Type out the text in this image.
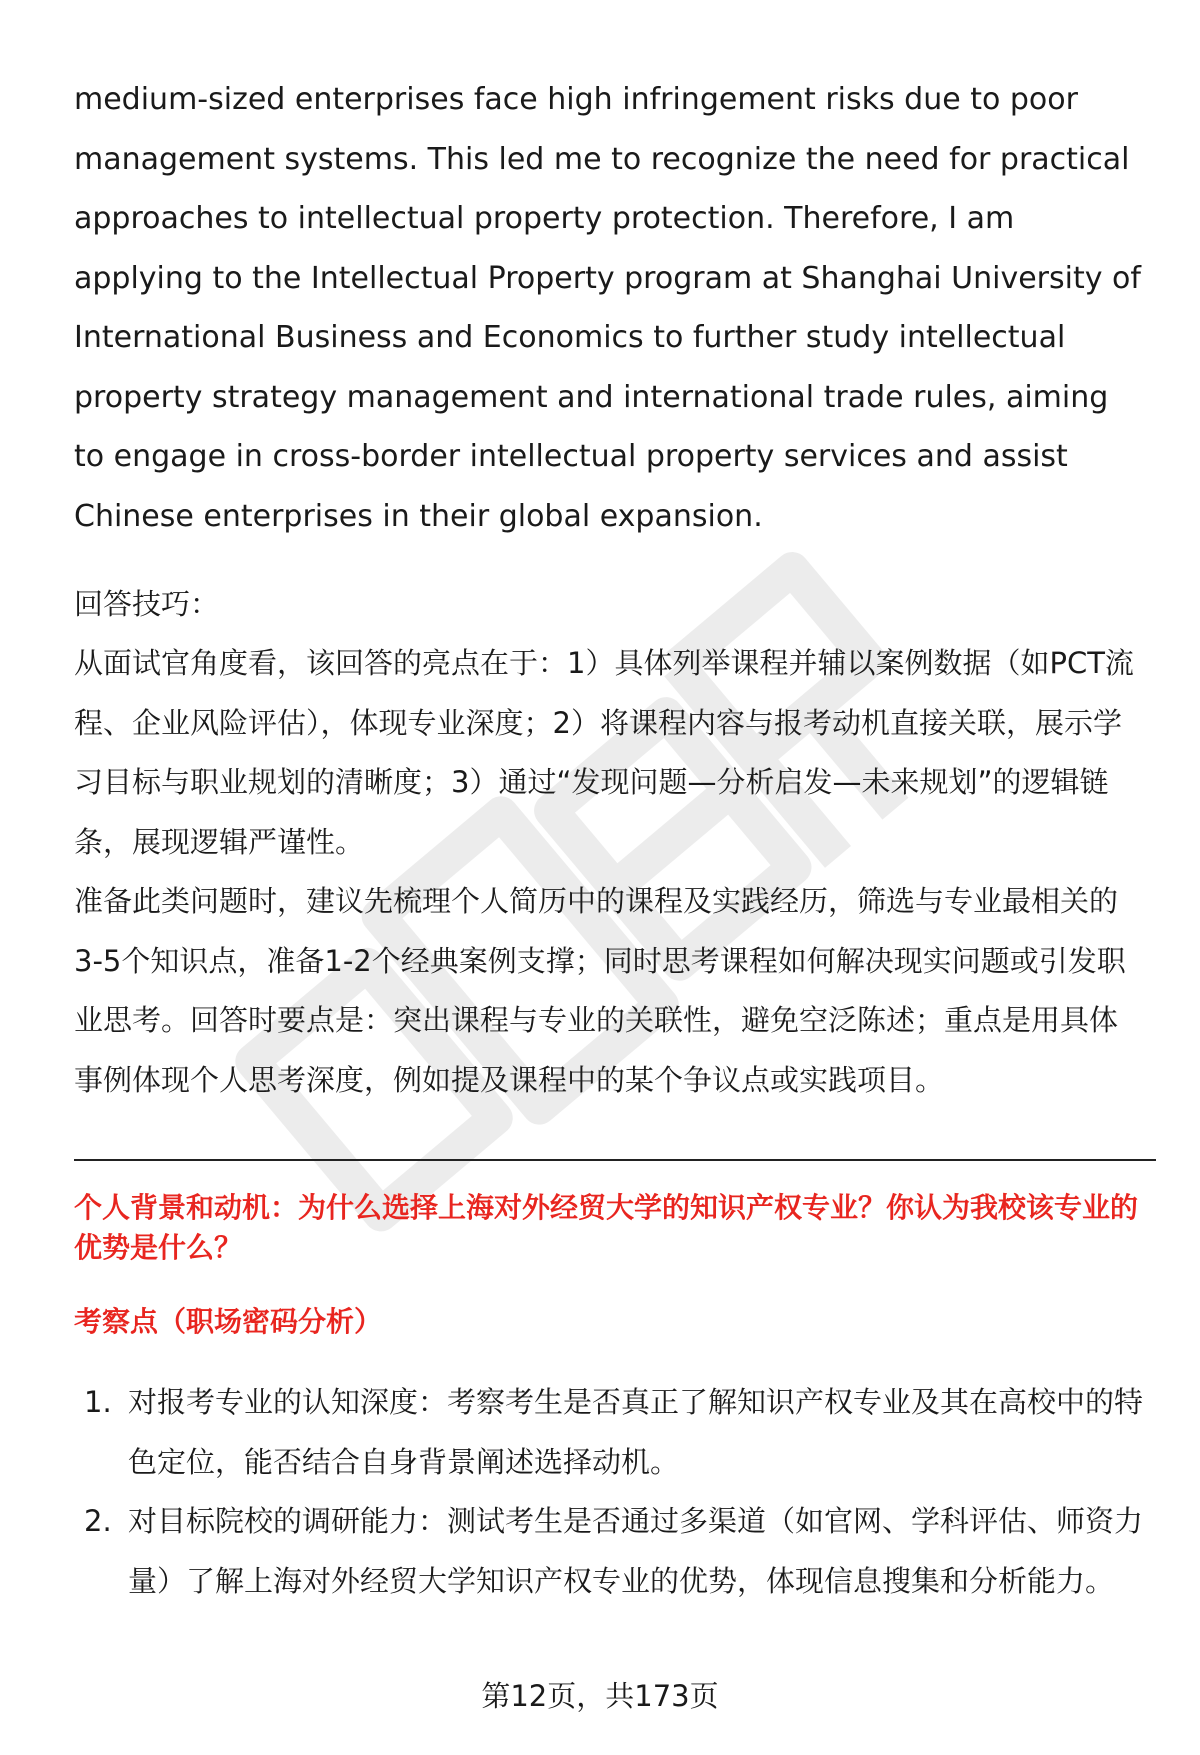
medium-sized enterprises face high infringement risks due to poor management systems. This led me to recognize the need for practical approaches to intellectual property protection. Therefore, I am applying to the Intellectual Property program at Shanghai University of International Business and Economics to further study intellectual property strategy management and international trade rules, aiming to engage in cross-border intellectual property services and assist Chinese enterprises in their global expansion.

回答技巧：

从面试官角度看，该回答的亮点在于：1）具体列举课程并辅以案例数据（如PCT流程、企业风险评估），体现专业深度；2）将课程内容与报考动机直接关联，展示学习目标与职业规划的清晰度；3）通过“发现问题—分析启发—未来规划”的逻辑链条，展现逻辑严谨性。

准备此类问题时，建议先梳理个人简历中的课程及实践经历，筛选与专业最相关的3-5个知识点，准备1-2个经典案例支撑；同时思考课程如何解决现实问题或引发职业思考。回答时要点是：突出课程与专业的关联性，避免空泛陈述；重点是用具体事例体现个人思考深度，例如提及课程中的某个争议点或实践项目。

个人背景和动机：为什么选择上海对外经贸大学的知识产权专业？你认为我校该专业的优势是什么？

考察点（职场密码分析）

1. 对报考专业的认知深度：考察考生是否真正了解知识产权专业及其在高校中的特色定位，能否结合自身背景阐述选择动机。
2. 对目标院校的调研能力：测试考生是否通过多渠道（如官网、学科评估、师资力量）了解上海对外经贸大学知识产权专业的优势，体现信息搜集和分析能力。

第12页，共173页
